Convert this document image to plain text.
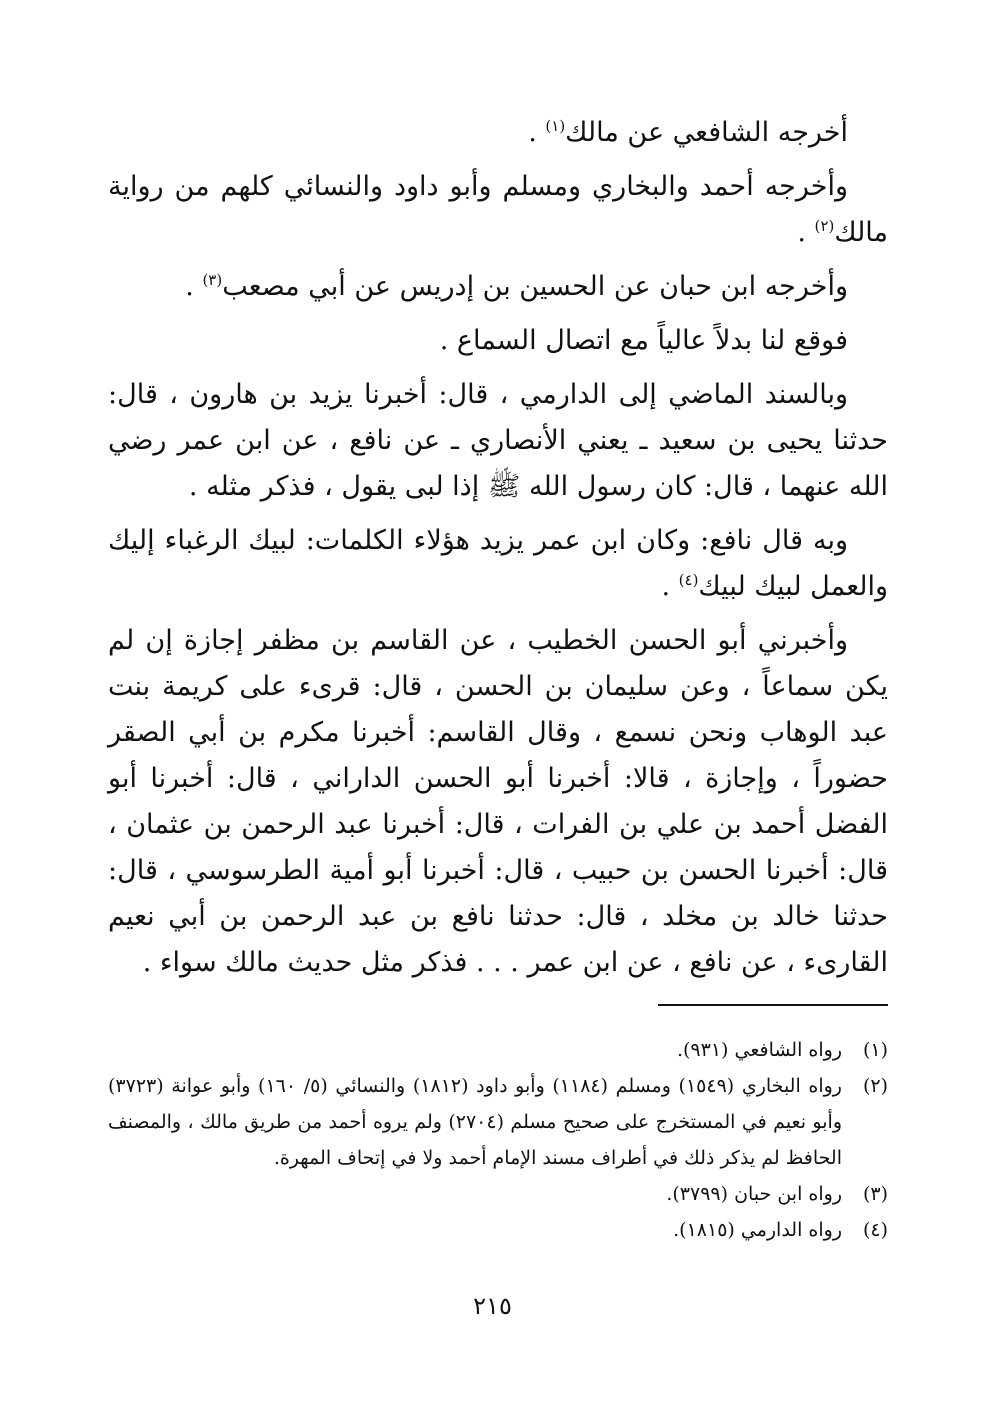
أخرجه الشافعي عن مالك$^{(١)}$ .

وأخرجه أحمد والبخاري ومسلم وأبو داود والنسائي كلهم من رواية مالك$^{(٢)}$ .

وأخرجه ابن حبان عن الحسين بن إدريس عن أبي مصعب$^{(٣)}$ .

فوقع لنا بدلاً عالياً مع اتصال السماع .

وبالسند الماضي إلى الدارمي ، قال: أخبرنا يزيد بن هارون ، قال: حدثنا يحيى بن سعيد ـ يعني الأنصاري ـ عن نافع ، عن ابن عمر رضي الله عنهما ، قال: كان رسول الله ﷺ إذا لبى يقول ، فذكر مثله .

وبه قال نافع: وكان ابن عمر يزيد هؤلاء الكلمات: لبيك الرغباء إليك والعمل لبيك لبيك$^{(٤)}$ .

وأخبرني أبو الحسن الخطيب ، عن القاسم بن مظفر إجازة إن لم يكن سماعاً ، وعن سليمان بن الحسن ، قال: قرىء على كريمة بنت عبد الوهاب ونحن نسمع ، وقال القاسم: أخبرنا مكرم بن أبي الصقر حضوراً ، وإجازة ، قالا: أخبرنا أبو الحسن الداراني ، قال: أخبرنا أبو الفضل أحمد بن علي بن الفرات ، قال: أخبرنا عبد الرحمن بن عثمان ، قال: أخبرنا الحسن بن حبيب ، قال: أخبرنا أبو أمية الطرسوسي ، قال: حدثنا خالد بن مخلد ، قال: حدثنا نافع بن عبد الرحمن بن أبي نعيم القارىء ، عن نافع ، عن ابن عمر . . . فذكر مثل حديث مالك سواء .

(١)
رواه الشافعي (٩٣١).
(٢)
رواه البخاري (١٥٤٩) ومسلم (١١٨٤) وأبو داود (١٨١٢) والنسائي (٥/ ١٦٠) وأبو عوانة (٣٧٢٣) وأبو نعيم في المستخرج على صحيح مسلم (٢٧٠٤) ولم يروه أحمد من طريق مالك ، والمصنف الحافظ لم يذكر ذلك في أطراف مسند الإمام أحمد ولا في إتحاف المهرة.
(٣)
رواه ابن حبان (٣٧٩٩).
(٤)
رواه الدارمي (١٨١٥).
٢١٥
